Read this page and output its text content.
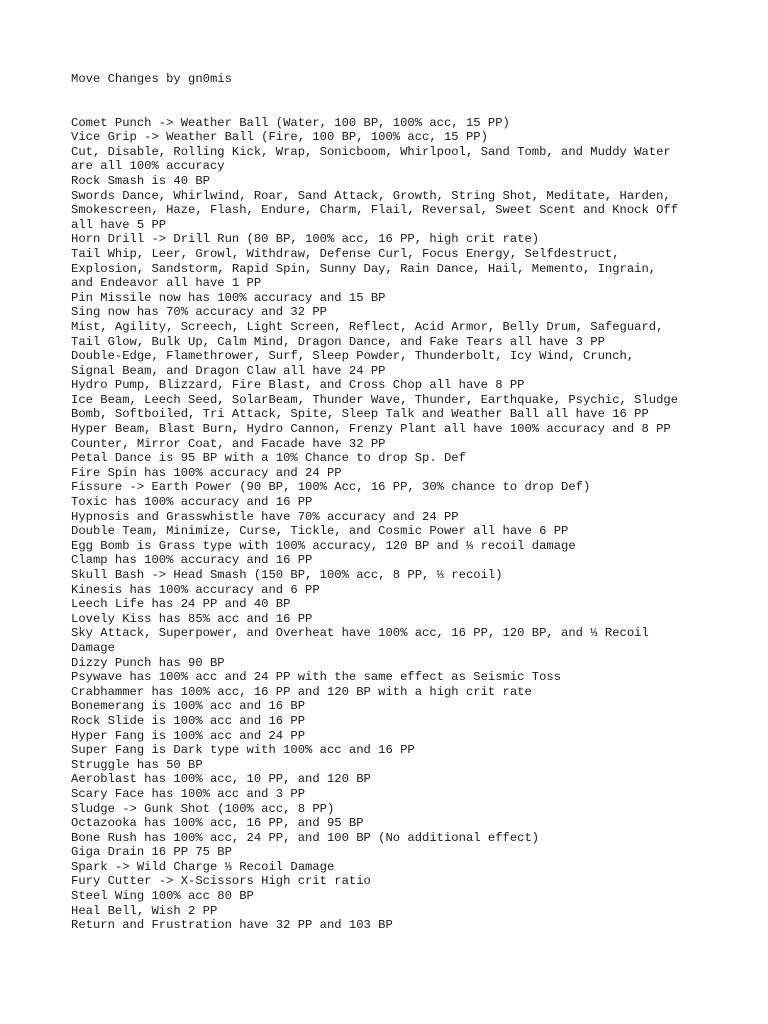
Move Changes by gn0mis
Comet Punch -> Weather Ball (Water, 100 BP, 100% acc, 15 PP)
Vice Grip -> Weather Ball (Fire, 100 BP, 100% acc, 15 PP)
Cut, Disable, Rolling Kick, Wrap, Sonicboom, Whirlpool, Sand Tomb, and Muddy Water
are all 100% accuracy
Rock Smash is 40 BP
Swords Dance, Whirlwind, Roar, Sand Attack, Growth, String Shot, Meditate, Harden,
Smokescreen, Haze, Flash, Endure, Charm, Flail, Reversal, Sweet Scent and Knock Off
all have 5 PP
Horn Drill -> Drill Run (80 BP, 100% acc, 16 PP, high crit rate)
Tail Whip, Leer, Growl, Withdraw, Defense Curl, Focus Energy, Selfdestruct,
Explosion, Sandstorm, Rapid Spin, Sunny Day, Rain Dance, Hail, Memento, Ingrain,
and Endeavor all have 1 PP
Pin Missile now has 100% accuracy and 15 BP
Sing now has 70% accuracy and 32 PP
Mist, Agility, Screech, Light Screen, Reflect, Acid Armor, Belly Drum, Safeguard,
Tail Glow, Bulk Up, Calm Mind, Dragon Dance, and Fake Tears all have 3 PP
Double-Edge, Flamethrower, Surf, Sleep Powder, Thunderbolt, Icy Wind, Crunch,
Signal Beam, and Dragon Claw all have 24 PP
Hydro Pump, Blizzard, Fire Blast, and Cross Chop all have 8 PP
Ice Beam, Leech Seed, SolarBeam, Thunder Wave, Thunder, Earthquake, Psychic, Sludge
Bomb, Softboiled, Tri Attack, Spite, Sleep Talk and Weather Ball all have 16 PP
Hyper Beam, Blast Burn, Hydro Cannon, Frenzy Plant all have 100% accuracy and 8 PP
Counter, Mirror Coat, and Facade have 32 PP
Petal Dance is 95 BP with a 10% Chance to drop Sp. Def
Fire Spin has 100% accuracy and 24 PP
Fissure -> Earth Power (90 BP, 100% Acc, 16 PP, 30% chance to drop Def)
Toxic has 100% accuracy and 16 PP
Hypnosis and Grasswhistle have 70% accuracy and 24 PP
Double Team, Minimize, Curse, Tickle, and Cosmic Power all have 6 PP
Egg Bomb is Grass type with 100% accuracy, 120 BP and ⅓ recoil damage
Clamp has 100% accuracy and 16 PP
Skull Bash -> Head Smash (150 BP, 100% acc, 8 PP, ⅓ recoil)
Kinesis has 100% accuracy and 6 PP
Leech Life has 24 PP and 40 BP
Lovely Kiss has 85% acc and 16 PP
Sky Attack, Superpower, and Overheat have 100% acc, 16 PP, 120 BP, and ⅓ Recoil
Damage
Dizzy Punch has 90 BP
Psywave has 100% acc and 24 PP with the same effect as Seismic Toss
Crabhammer has 100% acc, 16 PP and 120 BP with a high crit rate
Bonemerang is 100% acc and 16 BP
Rock Slide is 100% acc and 16 PP
Hyper Fang is 100% acc and 24 PP
Super Fang is Dark type with 100% acc and 16 PP
Struggle has 50 BP
Aeroblast has 100% acc, 10 PP, and 120 BP
Scary Face has 100% acc and 3 PP
Sludge -> Gunk Shot (100% acc, 8 PP)
Octazooka has 100% acc, 16 PP, and 95 BP
Bone Rush has 100% acc, 24 PP, and 100 BP (No additional effect)
Giga Drain 16 PP 75 BP
Spark -> Wild Charge ⅓ Recoil Damage
Fury Cutter -> X-Scissors High crit ratio
Steel Wing 100% acc 80 BP
Heal Bell, Wish 2 PP
Return and Frustration have 32 PP and 103 BP
